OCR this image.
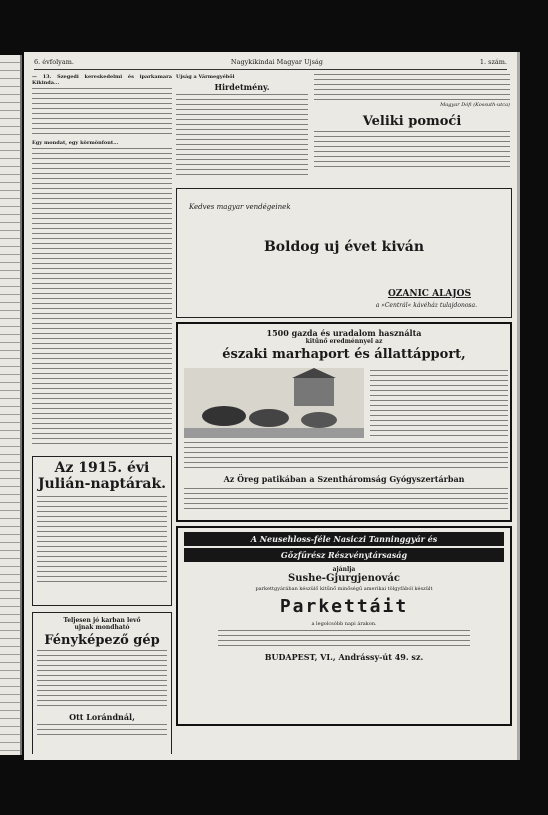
6. évfolyam.	Nagykikindai Magyar Ujság	1. szám.
— 13. Szegedi kereskedelmi és iparkamara Kikinda...
Egy mondat, egy körmönfont...
Az 1915. évi
Julián-naptárak.
Teljesen jó karban levő
ujnak mondható
Fényképező gép
Ott Lorándnál,
Ujság a Vármegyéből
Hirdetmény.
Magyar Dófi (Kossuth-utca)
Veliki pomoći
Kedves magyar vendégeinek
Boldog uj évet kiván
OZANIC ALAJOS
a »Centrál« kávéház tulajdonosa.
1500 gazda és uradalom használta
kitűnő eredménnyel az
északi marhaport és állattápport,
Az Öreg patikában a Szentháromság Gyógyszertárban
A Neusehloss-féle Nasiczi Tanninggyár és
Gőzfűrész Részvénytársaság
ajánlja
Sushe-Gjurgjenovác
parkettgyárában készülő kitűnő minőségű amerikai tölgyfából készült
Parkettáit
a legolcsóbb napi árakon.
BUDAPEST, VI., Andrássy-út 49. sz.
